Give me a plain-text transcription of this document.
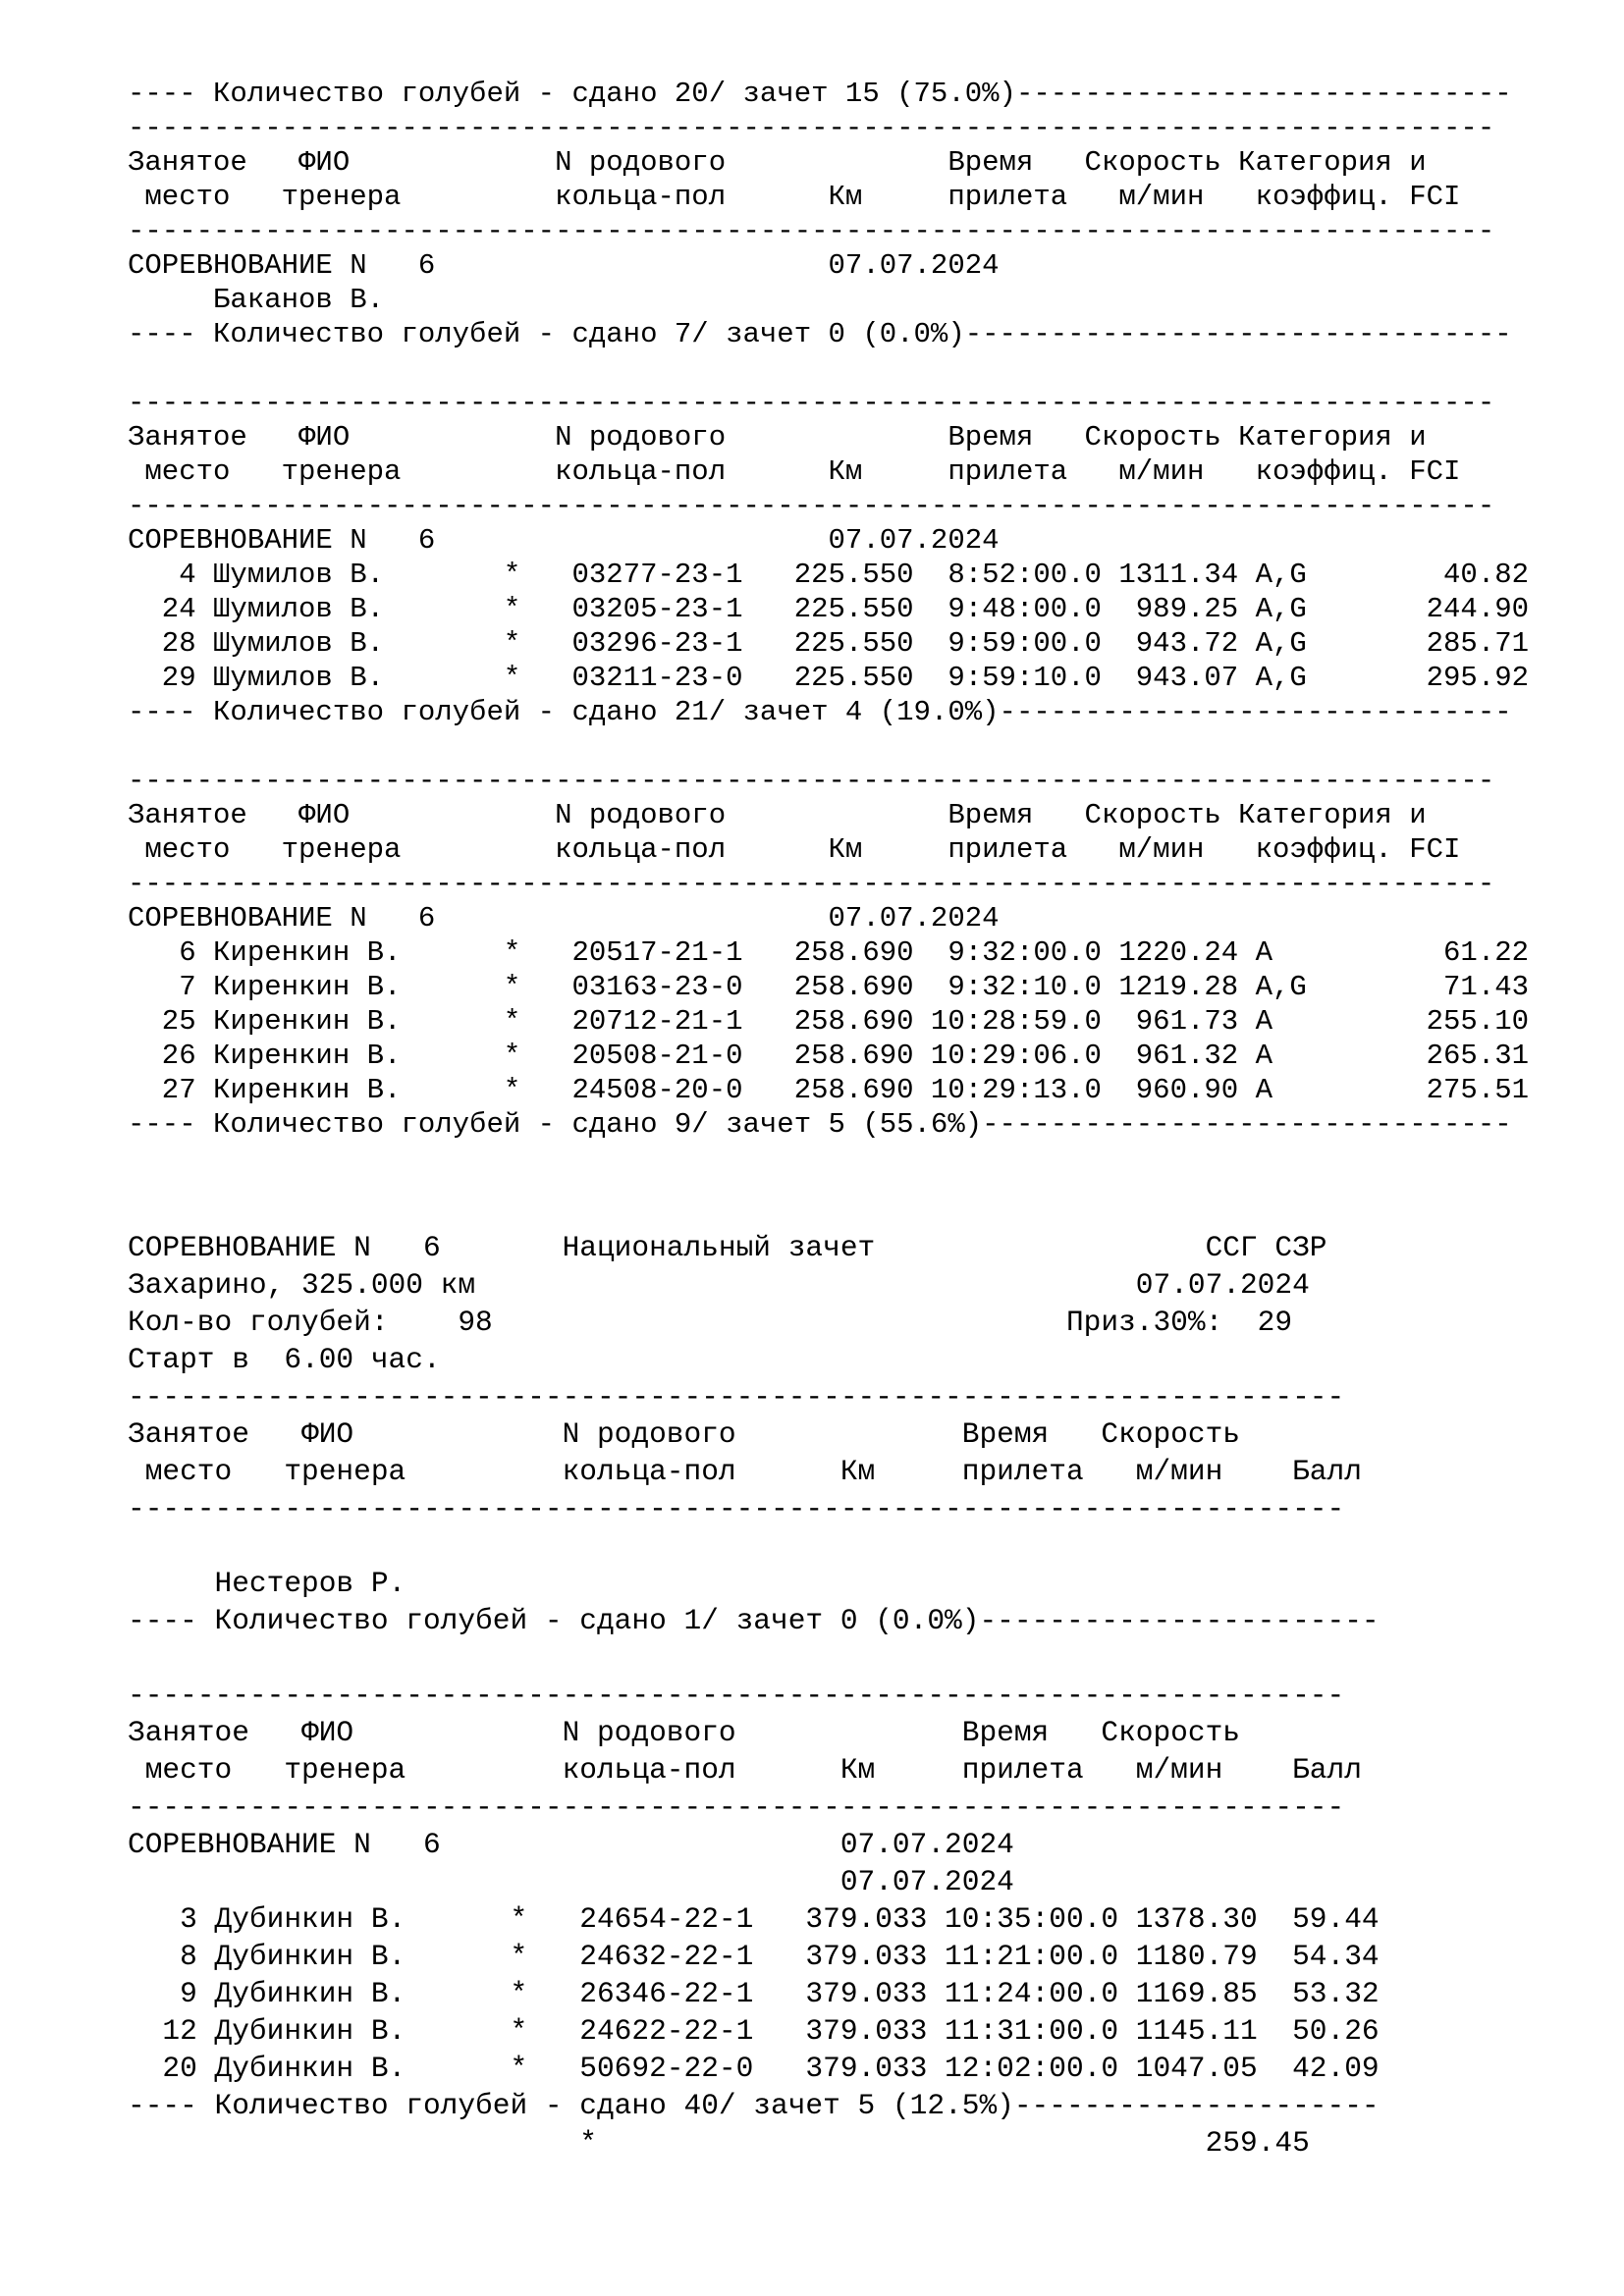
---- Количество голубей - сдано 20/ зачет 15 (75.0%)-----------------------------
--------------------------------------------------------------------------------
Занятое   ФИО            N родового             Время   Скорость Категория и
место   тренера         кольца-пол      Км     прилета   м/мин   коэффиц. FCI
--------------------------------------------------------------------------------
СОРЕВНОВАНИЕ N   6                       07.07.2024
Баканов В.
---- Количество голубей - сдано 7/ зачет 0 (0.0%)--------------------------------
--------------------------------------------------------------------------------
Занятое   ФИО            N родового             Время   Скорость Категория и
место   тренера         кольца-пол      Км     прилета   м/мин   коэффиц. FCI
--------------------------------------------------------------------------------
СОРЕВНОВАНИЕ N   6                       07.07.2024
4 Шумилов В.       *   03277-23-1   225.550  8:52:00.0 1311.34 A,G        40.82
24 Шумилов В.       *   03205-23-1   225.550  9:48:00.0  989.25 A,G       244.90
28 Шумилов В.       *   03296-23-1   225.550  9:59:00.0  943.72 A,G       285.71
29 Шумилов В.       *   03211-23-0   225.550  9:59:10.0  943.07 A,G       295.92
---- Количество голубей - сдано 21/ зачет 4 (19.0%)------------------------------
--------------------------------------------------------------------------------
Занятое   ФИО            N родового             Время   Скорость Категория и
место   тренера         кольца-пол      Км     прилета   м/мин   коэффиц. FCI
--------------------------------------------------------------------------------
СОРЕВНОВАНИЕ N   6                       07.07.2024
6 Киренкин В.      *   20517-21-1   258.690  9:32:00.0 1220.24 A          61.22
7 Киренкин В.      *   03163-23-0   258.690  9:32:10.0 1219.28 A,G        71.43
25 Киренкин В.      *   20712-21-1   258.690 10:28:59.0  961.73 A         255.10
26 Киренкин В.      *   20508-21-0   258.690 10:29:06.0  961.32 A         265.31
27 Киренкин В.      *   24508-20-0   258.690 10:29:13.0  960.90 A         275.51
---- Количество голубей - сдано 9/ зачет 5 (55.6%)-------------------------------
СОРЕВНОВАНИЕ N   6       Национальный зачет                   ССГ СЗР
Захарино, 325.000 км                                      07.07.2024
Кол-во голубей:    98                                 Приз.30%:  29
Старт в  6.00 час.
----------------------------------------------------------------------
Занятое   ФИО            N родового             Время   Скорость
место   тренера         кольца-пол      Км     прилета   м/мин    Балл
----------------------------------------------------------------------
Нестеров Р.
---- Количество голубей - сдано 1/ зачет 0 (0.0%)-----------------------
----------------------------------------------------------------------
Занятое   ФИО            N родового             Время   Скорость
место   тренера         кольца-пол      Км     прилета   м/мин    Балл
----------------------------------------------------------------------
СОРЕВНОВАНИЕ N   6                       07.07.2024
07.07.2024
3 Дубинкин В.      *   24654-22-1   379.033 10:35:00.0 1378.30  59.44
8 Дубинкин В.      *   24632-22-1   379.033 11:21:00.0 1180.79  54.34
9 Дубинкин В.      *   26346-22-1   379.033 11:24:00.0 1169.85  53.32
12 Дубинкин В.      *   24622-22-1   379.033 11:31:00.0 1145.11  50.26
20 Дубинкин В.      *   50692-22-0   379.033 12:02:00.0 1047.05  42.09
---- Количество голубей - сдано 40/ зачет 5 (12.5%)---------------------
*                                   259.45
